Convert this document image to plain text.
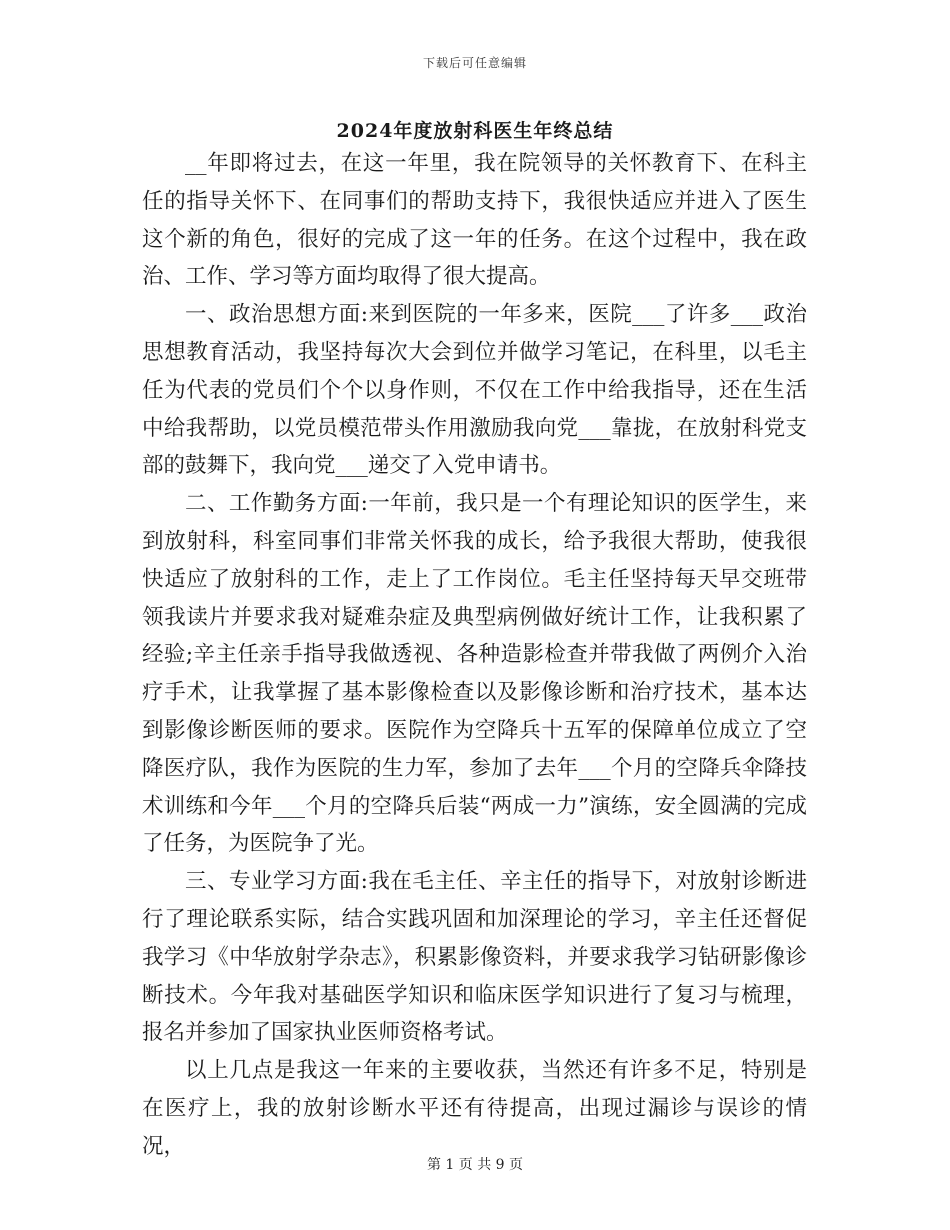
下载后可任意编辑
2024年度放射科医生年终总结

__年即将过去，在这一年里，我在院领导的关怀教育下、在科主任的指导关怀下、在同事们的帮助支持下，我很快适应并进入了医生这个新的角色，很好的完成了这一年的任务。在这个过程中，我在政治、工作、学习等方面均取得了很大提高。

一、政治思想方面:来到医院的一年多来，医院___了许多___政治思想教育活动，我坚持每次大会到位并做学习笔记，在科里，以毛主任为代表的党员们个个以身作则，不仅在工作中给我指导，还在生活中给我帮助，以党员模范带头作用激励我向党___靠拢，在放射科党支部的鼓舞下，我向党___递交了入党申请书。

二、工作勤务方面:一年前，我只是一个有理论知识的医学生，来到放射科，科室同事们非常关怀我的成长，给予我很大帮助，使我很快适应了放射科的工作，走上了工作岗位。毛主任坚持每天早交班带领我读片并要求我对疑难杂症及典型病例做好统计工作，让我积累了经验;辛主任亲手指导我做透视、各种造影检查并带我做了两例介入治疗手术，让我掌握了基本影像检查以及影像诊断和治疗技术，基本达到影像诊断医师的要求。医院作为空降兵十五军的保障单位成立了空降医疗队，我作为医院的生力军，参加了去年___个月的空降兵伞降技术训练和今年___个月的空降兵后装“两成一力”演练，安全圆满的完成了任务，为医院争了光。

三、专业学习方面:我在毛主任、辛主任的指导下，对放射诊断进行了理论联系实际，结合实践巩固和加深理论的学习，辛主任还督促我学习《中华放射学杂志》，积累影像资料，并要求我学习钻研影像诊断技术。今年我对基础医学知识和临床医学知识进行了复习与梳理，报名并参加了国家执业医师资格考试。

以上几点是我这一年来的主要收获，当然还有许多不足，特别是在医疗上，我的放射诊断水平还有待提高，出现过漏诊与误诊的情况，

第 1 页 共 9 页
